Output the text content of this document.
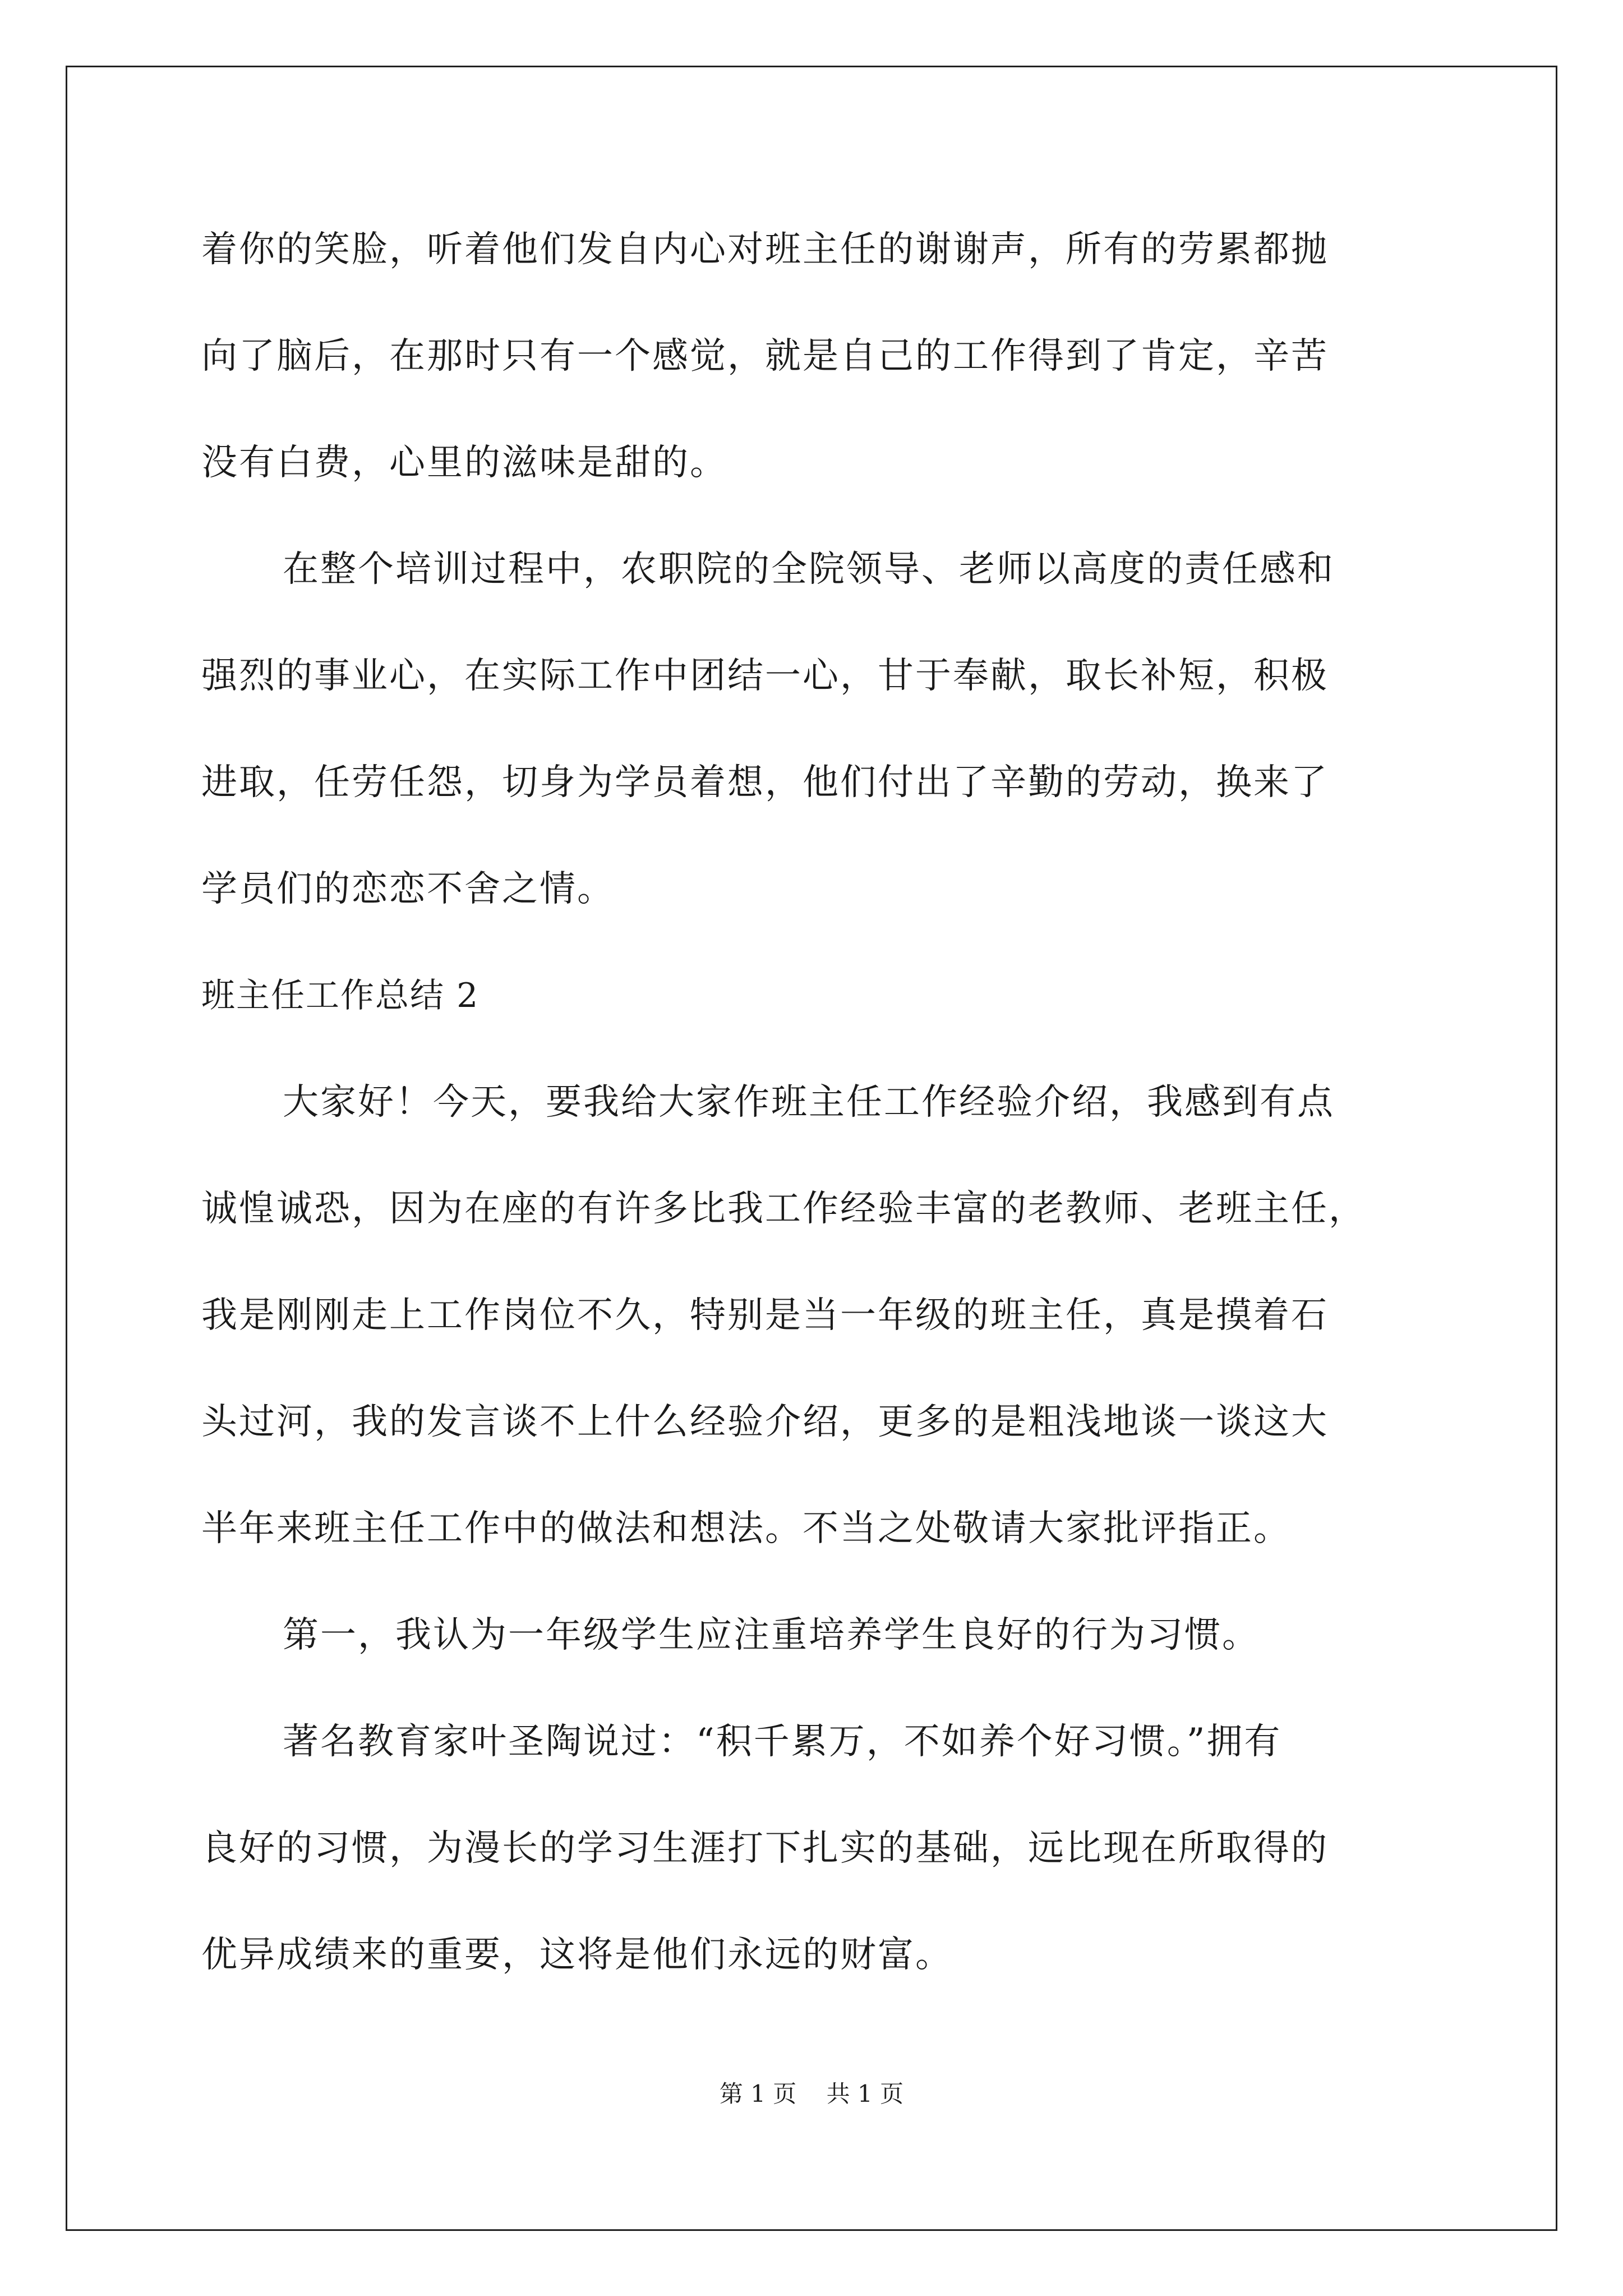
着你的笑脸，听着他们发自内心对班主任的谢谢声，所有的劳累都抛
向了脑后，在那时只有一个感觉，就是自己的工作得到了肯定，辛苦
没有白费，心里的滋味是甜的。
在整个培训过程中，农职院的全院领导、老师以高度的责任感和
强烈的事业心，在实际工作中团结一心，甘于奉献，取长补短，积极
进取，任劳任怨，切身为学员着想，他们付出了辛勤的劳动，换来了
学员们的恋恋不舍之情。
班主任工作总结 2
大家好！今天，要我给大家作班主任工作经验介绍，我感到有点
诚惶诚恐，因为在座的有许多比我工作经验丰富的老教师、老班主任，
我是刚刚走上工作岗位不久，特别是当一年级的班主任，真是摸着石
头过河，我的发言谈不上什么经验介绍，更多的是粗浅地谈一谈这大
半年来班主任工作中的做法和想法。不当之处敬请大家批评指正。
第一，我认为一年级学生应注重培养学生良好的行为习惯。
著名教育家叶圣陶说过：“积千累万，不如养个好习惯。”拥有
良好的习惯，为漫长的学习生涯打下扎实的基础，远比现在所取得的
优异成绩来的重要，这将是他们永远的财富。
第 1 页 共 1 页
